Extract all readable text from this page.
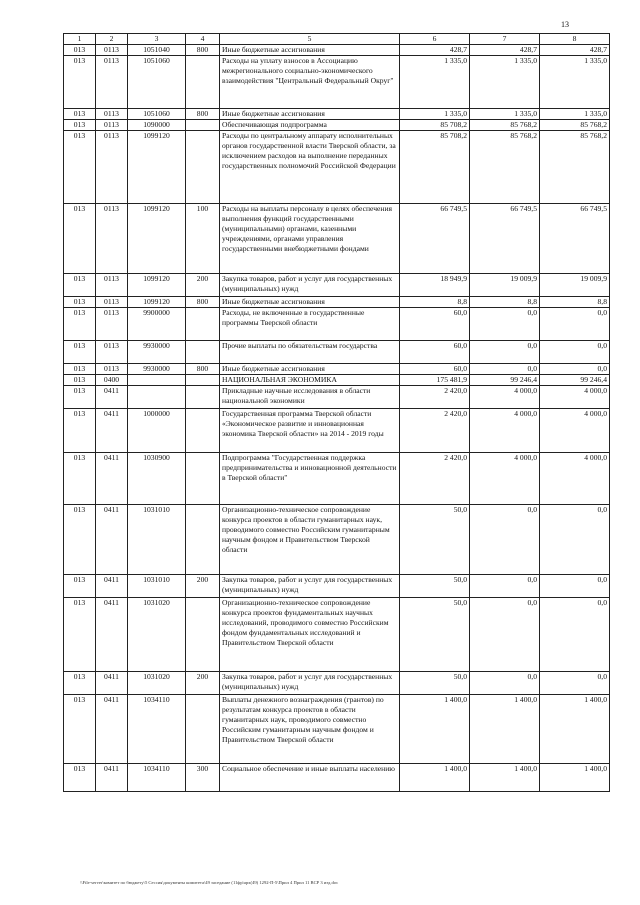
13
1	2	3	4	5	6	7	8
013	0113	1051040	800	Иные бюджетные ассигнования	428,7	428,7	428,7
013	0113	1051060		Расходы на уплату взносов в Ассоциацию межрегионального социально-экономического взаимодействия "Центральный Федеральный Округ"	1 335,0	1 335,0	1 335,0
013	0113	1051060	800	Иные бюджетные ассигнования	1 335,0	1 335,0	1 335,0
013	0113	1090000		Обеспечивающая подпрограмма	85 708,2	85 768,2	85 768,2
013	0113	1099120		Расходы по центральному аппарату исполнительных органов государственной власти Тверской области, за исключением расходов на выполнение переданных государственных полномочий Российской Федерации	85 708,2	85 768,2	85 768,2
013	0113	1099120	100	Расходы на выплаты персоналу в целях обеспечения выполнения функций государственными (муниципальными) органами, казенными учреждениями, органами управления государственными внебюджетными фондами	66 749,5	66 749,5	66 749,5
013	0113	1099120	200	Закупка товаров, работ и услуг для государственных (муниципальных) нужд	18 949,9	19 009,9	19 009,9
013	0113	1099120	800	Иные бюджетные ассигнования	8,8	8,8	8,8
013	0113	9900000		Расходы, не включенные в государственные программы Тверской области	60,0	0,0	0,0
013	0113	9930000		Прочие выплаты по обязательствам государства	60,0	0,0	0,0
013	0113	9930000	800	Иные бюджетные ассигнования	60,0	0,0	0,0
013	0400			НАЦИОНАЛЬНАЯ ЭКОНОМИКА	175 481,9	99 246,4	99 246,4
013	0411			Прикладные научные исследования в области национальной экономики	2 420,0	4 000,0	4 000,0
013	0411	1000000		Государственная программа Тверской области «Экономическое развитие и инновационная экономика Тверской области» на 2014 - 2019 годы	2 420,0	4 000,0	4 000,0
013	0411	1030900		Подпрограмма "Государственная поддержка предпринимательства и инновационной деятельности в Тверской области"	2 420,0	4 000,0	4 000,0
013	0411	1031010		Организационно-техническое сопровождение конкурса проектов в области гуманитарных наук, проводимого совместно Российским гуманитарным научным фондом и Правительством Тверской области	50,0	0,0	0,0
013	0411	1031010	200	Закупка товаров, работ и услуг для государственных (муниципальных) нужд	50,0	0,0	0,0
013	0411	1031020		Организационно-техническое сопровождение конкурса проектов фундаментальных научных исследований, проводимого совместно Российским фондом фундаментальных исследований и Правительством Тверской области	50,0	0,0	0,0
013	0411	1031020	200	Закупка товаров, работ и услуг для государственных (муниципальных) нужд	50,0	0,0	0,0
013	0411	1034110		Выплаты денежного вознаграждения (грантов) по результатам конкурса проектов в области гуманитарных наук, проводимого совместно Российским гуманитарным научным фондом и Правительством Тверской области	1 400,0	1 400,0	1 400,0
013	0411	1034110	300	Социальное обеспечение и иные выплаты населению	1 400,0	1 400,0	1 400,0
\\File-server\комитет по бюджету\5 Сессия\документы комитета\49 заседание (11фр\арх(49) 1292-П-5\Прил 4 Прил 11 ВСР 3 изд.doc
